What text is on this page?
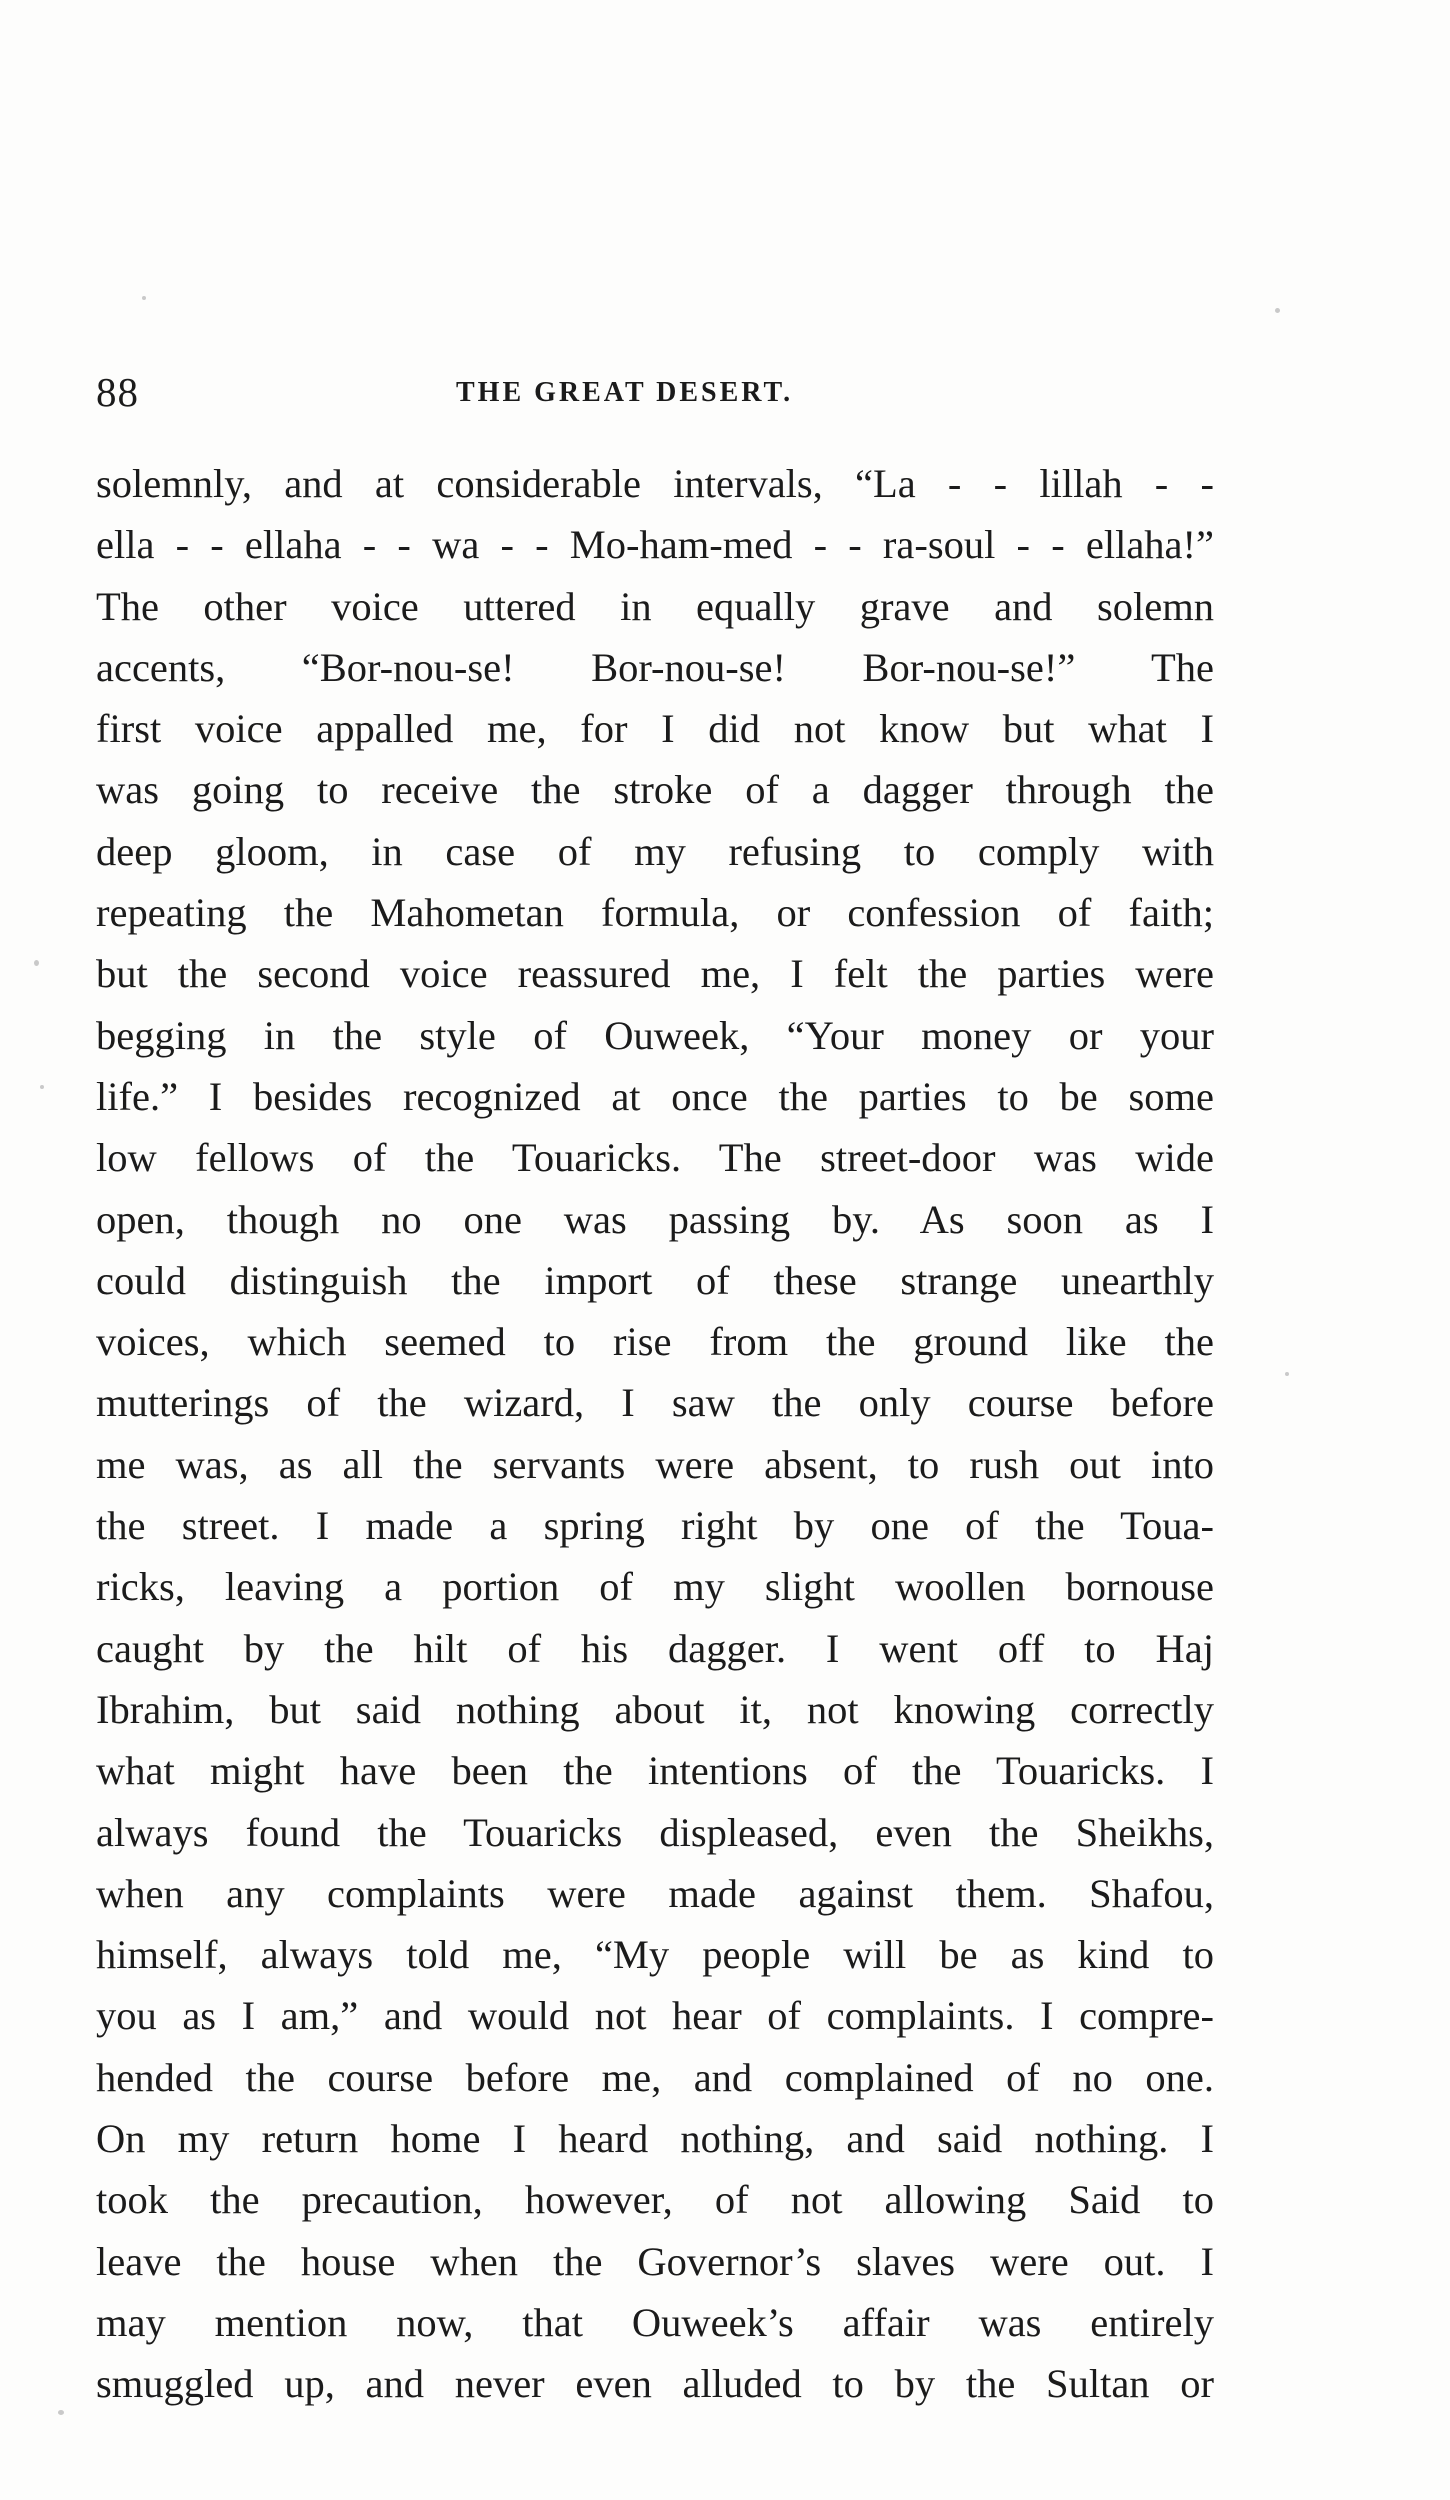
88	THE GREAT DESERT.
solemnly, and at considerable intervals, “La - - lillah - -
ella - - ellaha - - wa - - Mo-ham-med - - ra-soul - - ellaha!”
The other voice uttered in equally grave and solemn
accents, “Bor-nou-se! Bor-nou-se! Bor-nou-se!” The
first voice appalled me, for I did not know but what I
was going to receive the stroke of a dagger through the
deep gloom, in case of my refusing to comply with
repeating the Mahometan formula, or confession of faith;
but the second voice reassured me, I felt the parties were
begging in the style of Ouweek, “Your money or your
life.” I besides recognized at once the parties to be some
low fellows of the Touaricks. The street-door was wide
open, though no one was passing by. As soon as I
could distinguish the import of these strange unearthly
voices, which seemed to rise from the ground like the
mutterings of the wizard, I saw the only course before
me was, as all the servants were absent, to rush out into
the street. I made a spring right by one of the Toua-
ricks, leaving a portion of my slight woollen bornouse
caught by the hilt of his dagger. I went off to Haj
Ibrahim, but said nothing about it, not knowing correctly
what might have been the intentions of the Touaricks. I
always found the Touaricks displeased, even the Sheikhs,
when any complaints were made against them. Shafou,
himself, always told me, “My people will be as kind to
you as I am,” and would not hear of complaints. I compre-
hended the course before me, and complained of no one.
On my return home I heard nothing, and said nothing. I
took the precaution, however, of not allowing Said to
leave the house when the Governor’s slaves were out. I
may mention now, that Ouweek’s affair was entirely
smuggled up, and never even alluded to by the Sultan or
